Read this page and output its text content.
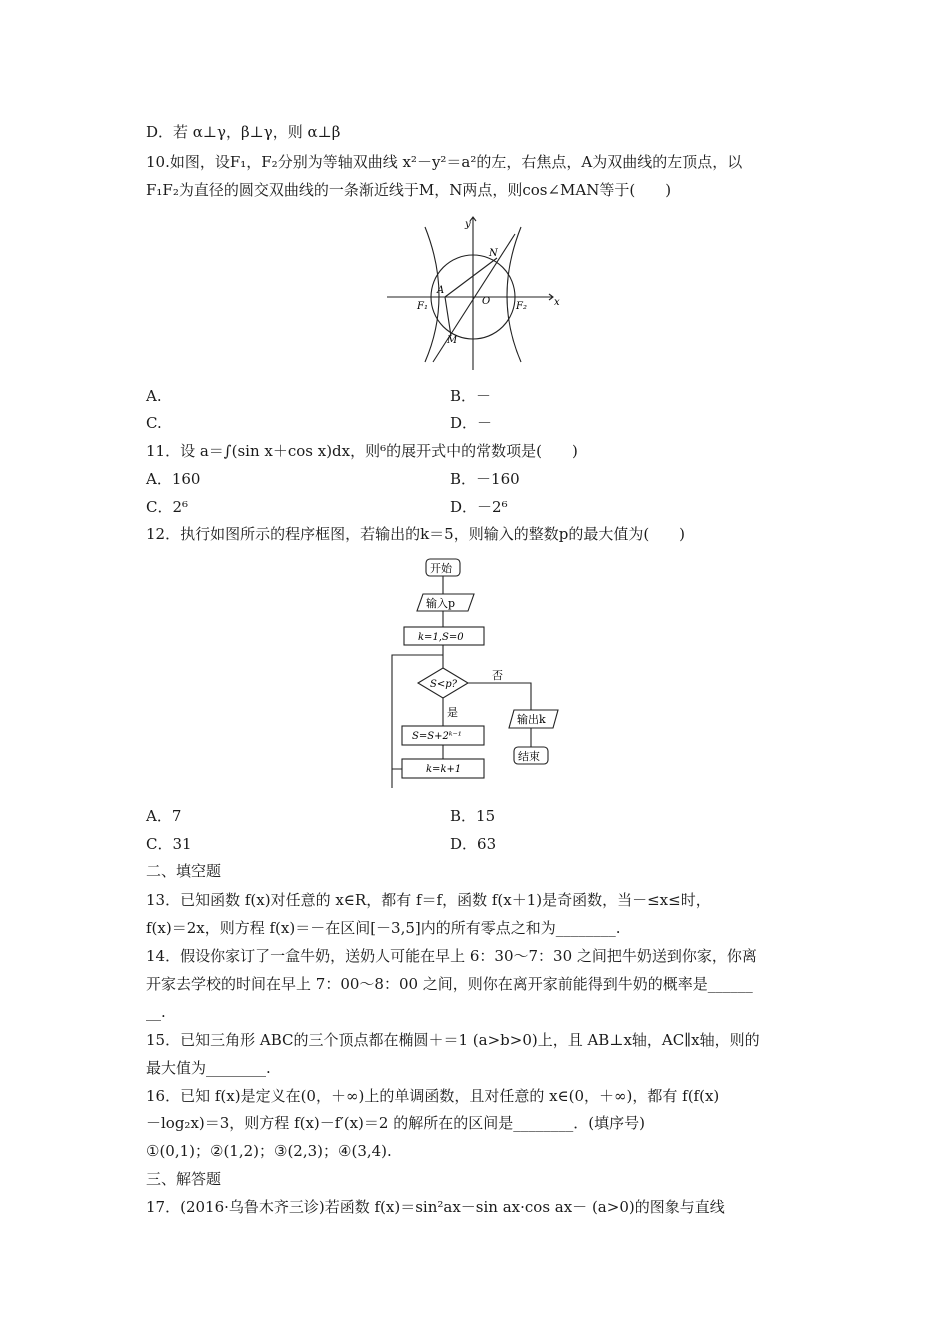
D．若 α⊥γ，β⊥γ，则 α⊥β
10.如图，设F₁，F₂分别为等轴双曲线 x²－y²＝a²的左，右焦点，A为双曲线的左顶点，以
F₁F₂为直径的圆交双曲线的一条渐近线于M，N两点，则cos∠MAN等于(　　)
y
x
N
A
O
F₁	F₂
M
A.	B．－
C.	D．－
11．设 a＝∫(sin x＋cos x)dx，则⁶的展开式中的常数项是(　　)
A．160	B．－160
C．2⁶	D．－2⁶
12．执行如图所示的程序框图，若输出的k＝5，则输入的整数p的最大值为(　　)
开始
输入p
k=1,S=0
S<p?
否
是
S=S+2ᵏ⁻¹
k=k+1
输出k
结束
A．7	B．15
C．31	D．63
二、填空题
13．已知函数 f(x)对任意的 x∈R，都有 f＝f，函数 f(x＋1)是奇函数，当－≤x≤时，
f(x)＝2x，则方程 f(x)＝－在区间[－3,5]内的所有零点之和为________.
14．假设你家订了一盒牛奶，送奶人可能在早上 6：30～7：30 之间把牛奶送到你家，你离
开家去学校的时间在早上 7：00～8：00 之间，则你在离开家前能得到牛奶的概率是______
__.
15．已知三角形 ABC的三个顶点都在椭圆＋＝1 (a>b>0)上，且 AB⊥x轴，AC∥x轴，则的
最大值为________.
16．已知 f(x)是定义在(0，＋∞)上的单调函数，且对任意的 x∈(0，＋∞)，都有 f(f(x)
－log₂x)＝3，则方程 f(x)－f′(x)＝2 的解所在的区间是________．(填序号)
①(0,1)；②(1,2)；③(2,3)；④(3,4).
三、解答题
17．(2016·乌鲁木齐三诊)若函数 f(x)＝sin²ax－sin ax·cos ax－ (a>0)的图象与直线
